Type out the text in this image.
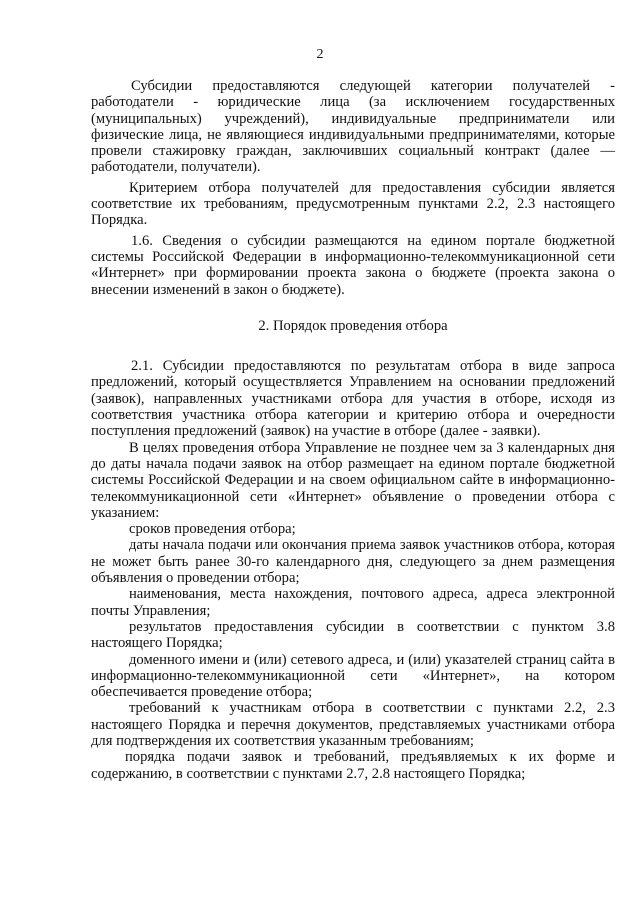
2

Субсидии предоставляются следующей категории получателей - работодатели - юридические лица (за исключением государственных (муниципальных) учреждений), индивидуальные предприниматели или физические лица, не являющиеся индивидуальными предпринимателями, которые провели стажировку граждан, заключивших социальный контракт (далее — работодатели, получатели).

Критерием отбора получателей для предоставления субсидии является соответствие их требованиям, предусмотренным пунктами 2.2, 2.3 настоящего Порядка.

1.6. Сведения о субсидии размещаются на едином портале бюджетной системы Российской Федерации в информационно-телекоммуникационной сети «Интернет» при формировании проекта закона о бюджете (проекта закона о внесении изменений в закон о бюджете).

2. Порядок проведения отбора

2.1. Субсидии предоставляются по результатам отбора в виде запроса предложений, который осуществляется Управлением на основании предложений (заявок), направленных участниками отбора для участия в отборе, исходя из соответствия участника отбора категории и критерию отбора и очередности поступления предложений (заявок) на участие в отборе (далее - заявки).

В целях проведения отбора Управление не позднее чем за 3 календарных дня до даты начала подачи заявок на отбор размещает на едином портале бюджетной системы Российской Федерации и на своем официальном сайте в информационно-телекоммуникационной сети «Интернет» объявление о проведении отбора с указанием:

сроков проведения отбора;

даты начала подачи или окончания приема заявок участников отбора, которая не может быть ранее 30-го календарного дня, следующего за днем размещения объявления о проведении отбора;

наименования, места нахождения, почтового адреса, адреса электронной почты Управления;

результатов предоставления субсидии в соответствии с пунктом 3.8 настоящего Порядка;

доменного имени и (или) сетевого адреса, и (или) указателей страниц сайта в информационно-телекоммуникационной сети «Интернет», на котором обеспечивается проведение отбора;

требований к участникам отбора в соответствии с пунктами 2.2, 2.3 настоящего Порядка и перечня документов, представляемых участниками отбора для подтверждения их соответствия указанным требованиям;

порядка подачи заявок и требований, предъявляемых к их форме и содержанию, в соответствии с пунктами 2.7, 2.8 настоящего Порядка;
